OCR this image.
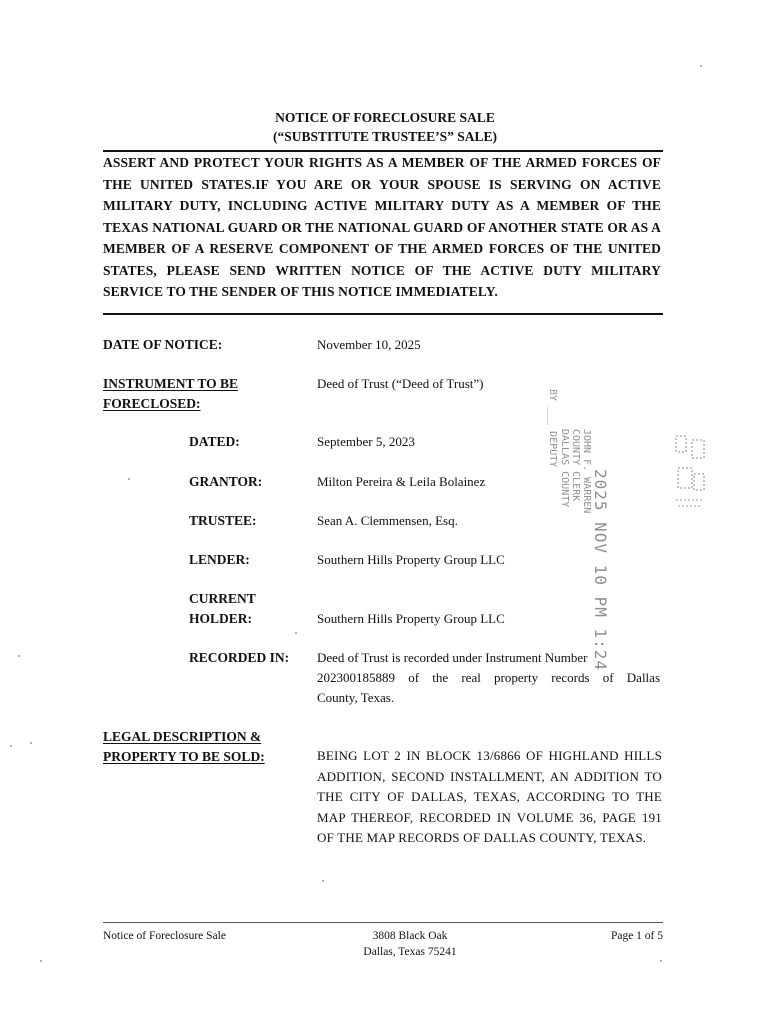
NOTICE OF FORECLOSURE SALE
(“SUBSTITUTE TRUSTEE’S” SALE)
ASSERT AND PROTECT YOUR RIGHTS AS A MEMBER OF THE ARMED FORCES OF THE UNITED STATES.IF YOU ARE OR YOUR SPOUSE IS SERVING ON ACTIVE MILITARY DUTY, INCLUDING ACTIVE MILITARY DUTY AS A MEMBER OF THE TEXAS NATIONAL GUARD OR THE NATIONAL GUARD OF ANOTHER STATE OR AS A MEMBER OF A RESERVE COMPONENT OF THE ARMED FORCES OF THE UNITED STATES, PLEASE SEND WRITTEN NOTICE OF THE ACTIVE DUTY MILITARY SERVICE TO THE SENDER OF THIS NOTICE IMMEDIATELY.
DATE OF NOTICE:	November 10, 2025
INSTRUMENT TO BE
FORECLOSED:
Deed of Trust (“Deed of Trust”)
DATED:	September 5, 2023
GRANTOR:	Milton Pereira & Leila Bolainez
TRUSTEE:	Sean A. Clemmensen, Esq.
LENDER:	Southern Hills Property Group LLC
CURRENT
HOLDER:	Southern Hills Property Group LLC
RECORDED IN: Deed of Trust is recorded under Instrument Number
202300185889 of the real property records of Dallas
County, Texas.
LEGAL DESCRIPTION &
PROPERTY TO BE SOLD:	BEING LOT 2 IN BLOCK 13/6866 OF HIGHLAND HILLS ADDITION, SECOND INSTALLMENT, AN ADDITION TO THE CITY OF DALLAS, TEXAS, ACCORDING TO THE MAP THEREOF, RECORDED IN VOLUME 36, PAGE 191 OF THE MAP RECORDS OF DALLAS COUNTY, TEXAS.
2025 NOV 10 PM 1:24
JOHN F. WARREN
COUNTY CLERK
DALLAS COUNTY
BY ___ DEPUTY
Notice of Foreclosure Sale	3808 Black Oak
Dallas, Texas 75241
Page 1 of 5
